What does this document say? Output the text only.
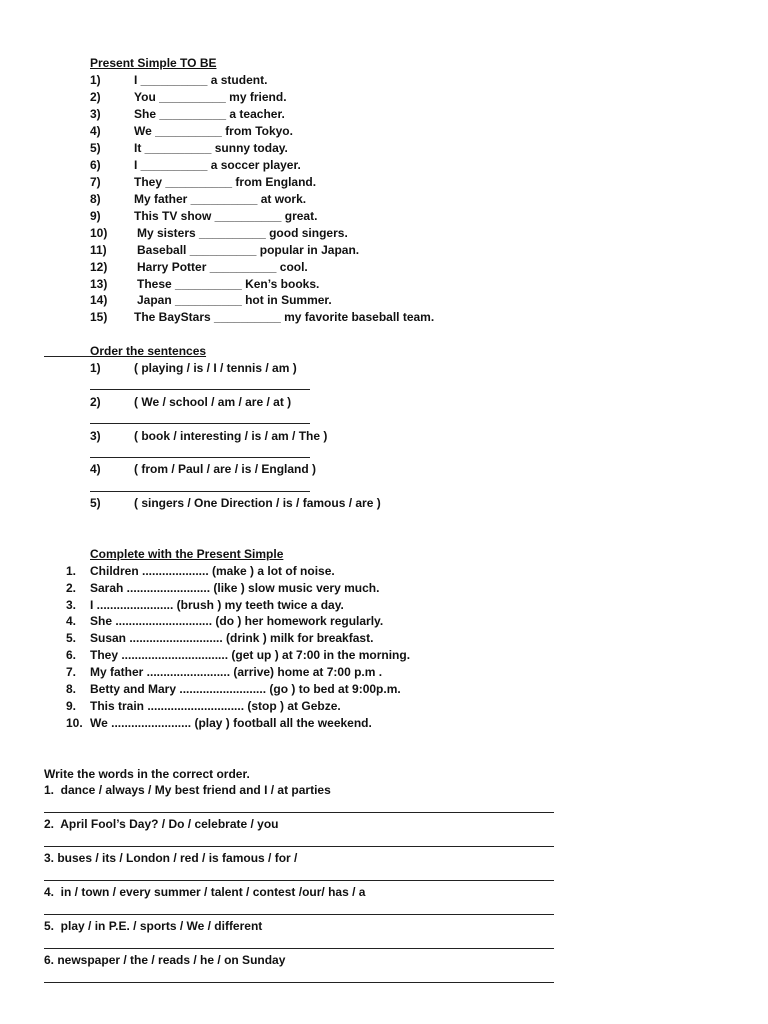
Present Simple TO BE
1)	I __________ a student.
2)	You __________ my friend.
3)	She __________ a teacher.
4)	We __________ from Tokyo.
5)	It __________ sunny today.
6)	I __________ a soccer player.
7)	They __________ from England.
8)	My father __________ at work.
9)	This TV show __________ great.
10) My sisters __________ good singers.
11)	Baseball __________ popular in Japan.
12) Harry Potter __________ cool.
13) These __________ Ken’s books.
14) Japan __________ hot in Summer.
15) The BayStars __________ my favorite baseball team.
Order the sentences
1)	( playing / is / I / tennis / am )
2)	( We / school / am / are / at )
3)	( book / interesting / is / am / The )
4)	( from / Paul / are / is / England )
5)	( singers / One Direction / is / famous / are )
Complete with the Present Simple
1. Children .................... (make ) a lot of noise.
2. Sarah ......................... (like ) slow music very much.
3. I ....................... (brush ) my teeth twice a day.
4. She ............................. (do ) her homework regularly.
5. Susan ............................ (drink ) milk for breakfast.
6. They ................................ (get up ) at 7:00 in the morning.
7. My father ......................... (arrive) home at 7:00 p.m .
8. Betty and Mary .......................... (go ) to bed at 9:00p.m.
9. This train ............................. (stop ) at Gebze.
10. We ........................ (play ) football all the weekend.
Write the words in the correct order.
1.  dance / always / My best friend and I / at parties
2.  April Fool’s Day? / Do / celebrate / you
3. buses / its / London / red / is famous / for /
4.  in / town / every summer / talent / contest /our/ has / a
5.  play / in P.E. / sports / We / different
6. newspaper / the / reads / he / on Sunday
